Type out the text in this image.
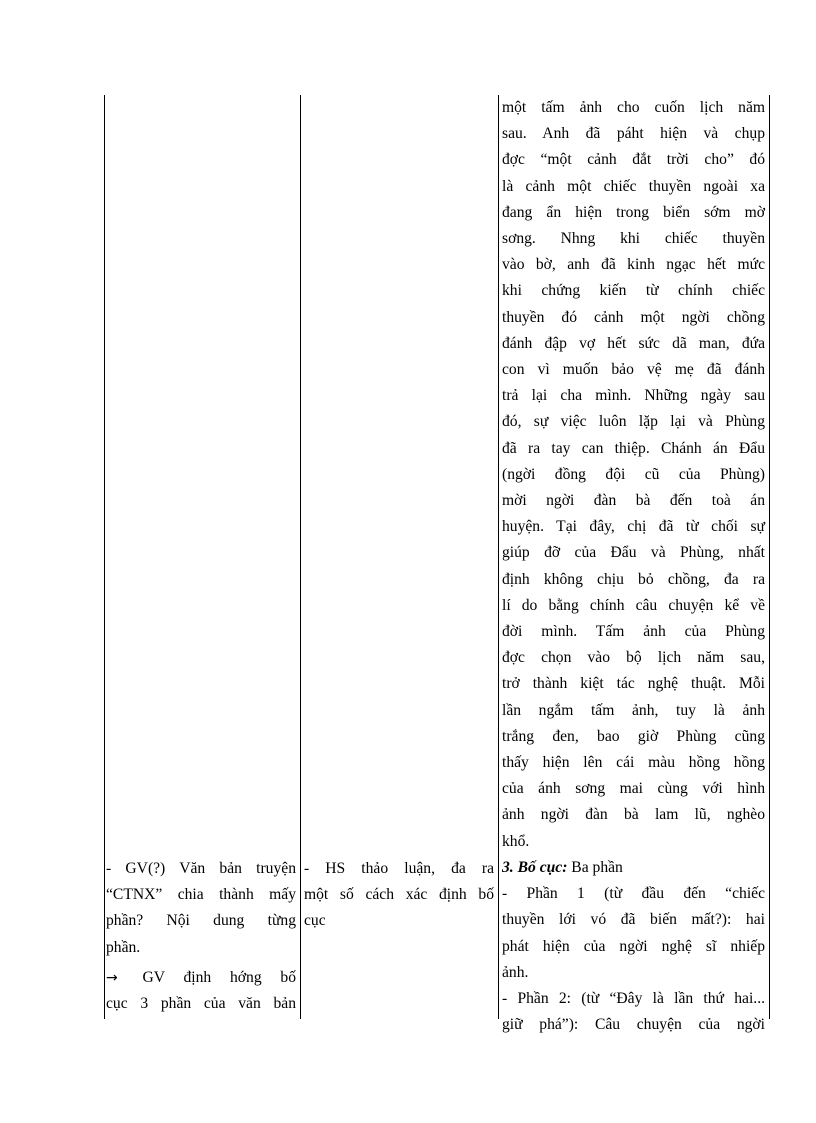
- GV(?) Văn bản truyện
“CTNX” chia thành mấy
phần? Nội dung từng
phần.
→ GV định hớng bố
cục 3 phần của văn bản
- HS thảo luận, đa ra
một số cách xác định bố
cục
một tấm ảnh cho cuốn lịch năm
sau. Anh đã páht hiện và chụp
đợc “một cảnh đắt trời cho” đó
là cảnh một chiếc thuyền ngoài xa
đang ẩn hiện trong biển sớm mờ
sơng. Nhng khi chiếc thuyền
vào bờ, anh đã kinh ngạc hết mức
khi chứng kiến từ chính chiếc
thuyền đó cảnh một ngời chồng
đánh đập vợ hết sức dã man, đứa
con vì muốn bảo vệ mẹ đã đánh
trả lại cha mình. Những ngày sau
đó, sự việc luôn lặp lại và Phùng
đã ra tay can thiệp. Chánh án Đẩu
(ngời đồng đội cũ của Phùng)
mời ngời đàn bà đến toà án
huyện. Tại đây, chị đã từ chối sự
giúp đỡ của Đẩu và Phùng, nhất
định không chịu bỏ chồng, đa ra
lí do bằng chính câu chuyện kể về
đời mình. Tấm ảnh của Phùng
đợc chọn vào bộ lịch năm sau,
trở thành kiệt tác nghệ thuật. Mỗi
lần ngắm tấm ảnh, tuy là ảnh
trắng đen, bao giờ Phùng cũng
thấy hiện lên cái màu hồng hồng
của ánh sơng mai cùng với hình
ảnh ngời đàn bà lam lũ, nghèo
khổ.
3. Bố cục: Ba phần
- Phần 1 (từ đầu đến “chiếc
thuyền lới vó đã biến mất?): hai
phát hiện của ngời nghệ sĩ nhiếp
ảnh.
- Phần 2: (từ “Đây là lần thứ hai...
giữ phá”): Câu chuyện của ngời
